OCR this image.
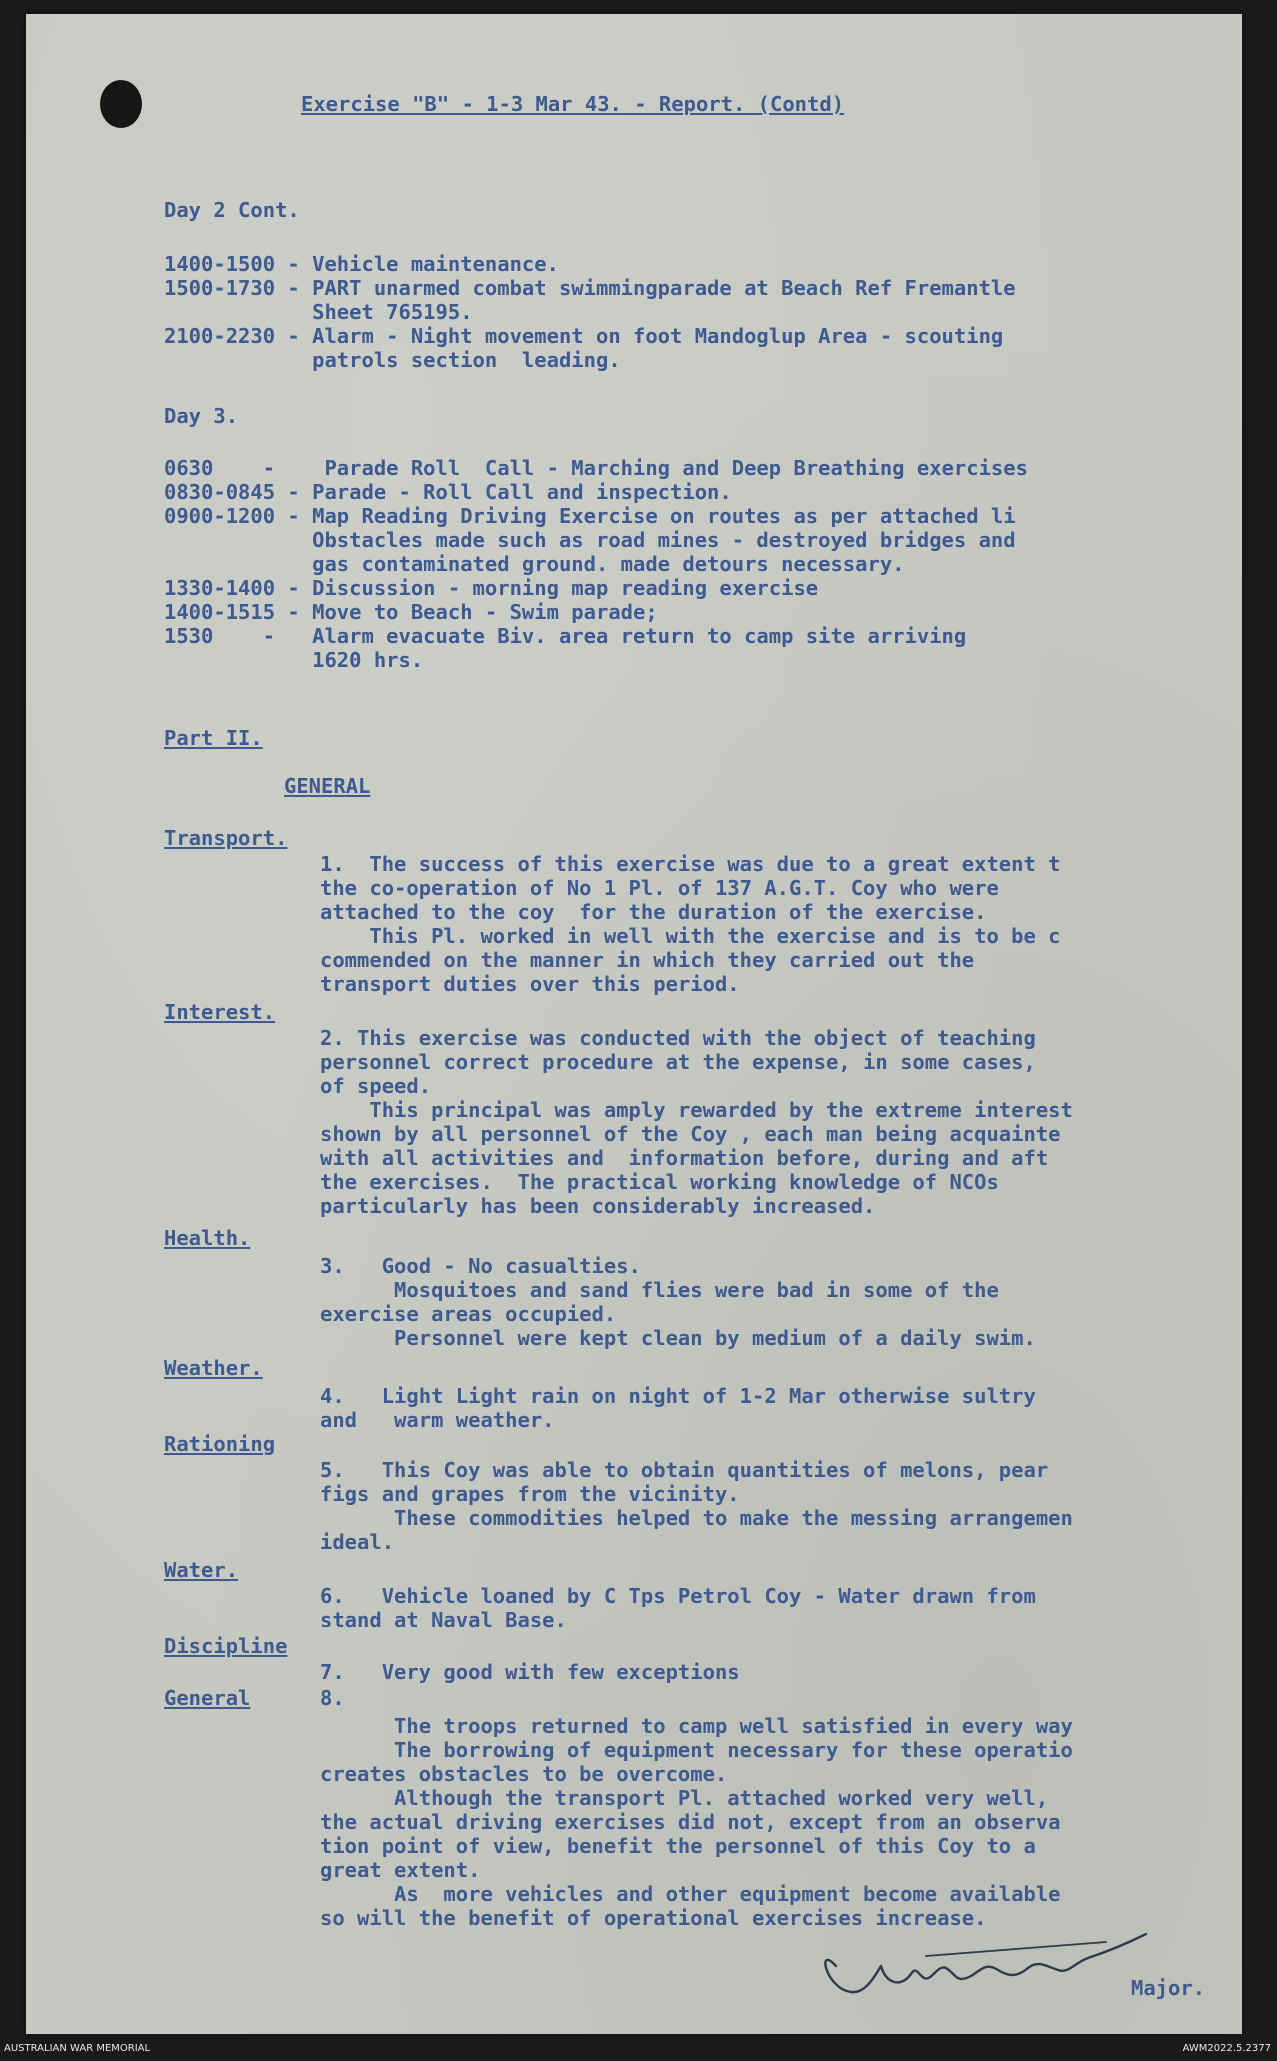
Exercise "B" - 1-3 Mar 43. - Report. (Contd)

Day 2 Cont.

1400-1500 - Vehicle maintenance.

1500-1730 - PART unarmed combat swimmingparade at Beach Ref Fremantle

Sheet 765195.

2100-2230 - Alarm - Night movement on foot Mandoglup Area - scouting

patrols section  leading.

Day 3.

0630    -    Parade Roll  Call - Marching and Deep Breathing exercises

0830-0845 - Parade - Roll Call and inspection.

0900-1200 - Map Reading Driving Exercise on routes as per attached li

Obstacles made such as road mines - destroyed bridges and

gas contaminated ground. made detours necessary.

1330-1400 - Discussion - morning map reading exercise

1400-1515 - Move to Beach - Swim parade;

1530    -   Alarm evacuate Biv. area return to camp site arriving

1620 hrs.

Part II.

GENERAL

Transport.

1.  The success of this exercise was due to a great extent t

the co-operation of No 1 Pl. of 137 A.G.T. Coy who were

attached to the coy  for the duration of the exercise.

This Pl. worked in well with the exercise and is to be c

commended on the manner in which they carried out the

transport duties over this period.

Interest.

2. This exercise was conducted with the object of teaching

personnel correct procedure at the expense, in some cases,

of speed.

This principal was amply rewarded by the extreme interest

shown by all personnel of the Coy , each man being acquainte

with all activities and  information before, during and aft

the exercises.  The practical working knowledge of NCOs

particularly has been considerably increased.

Health.

3.   Good - No casualties.

Mosquitoes and sand flies were bad in some of the

exercise areas occupied.

Personnel were kept clean by medium of a daily swim.

Weather.

4.   Light Light rain on night of 1-2 Mar otherwise sultry

and   warm weather.

Rationing

5.   This Coy was able to obtain quantities of melons, pear

figs and grapes from the vicinity.

These commodities helped to make the messing arrangemen

ideal.

Water.

6.   Vehicle loaned by C Tps Petrol Coy - Water drawn from

stand at Naval Base.

Discipline

7.   Very good with few exceptions

General	8.

The troops returned to camp well satisfied in every way

The borrowing of equipment necessary for these operatio

creates obstacles to be overcome.

Although the transport Pl. attached worked very well,

the actual driving exercises did not, except from an observa

tion point of view, benefit the personnel of this Coy to a

great extent.

As  more vehicles and other equipment become available

so will the benefit of operational exercises increase.

Major.
AUSTRALIAN WAR MEMORIAL	AWM2022.5.2377
